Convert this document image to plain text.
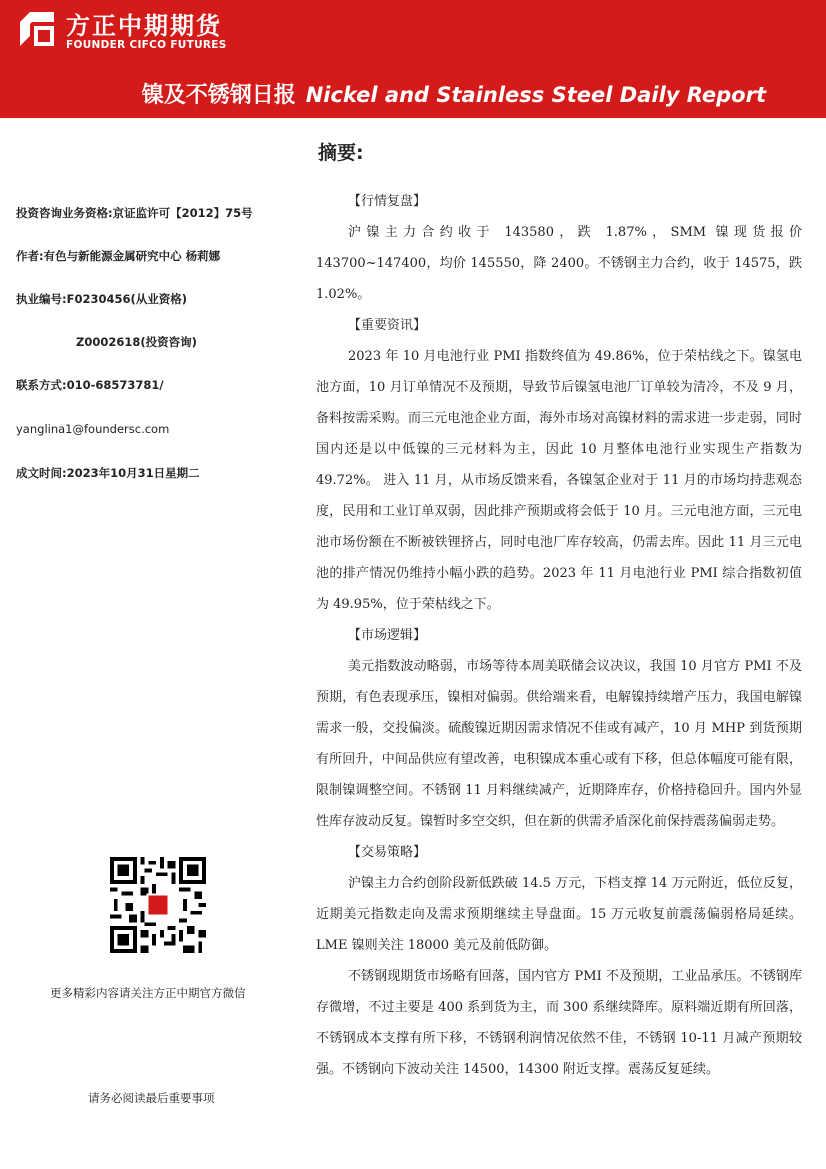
方正中期期货
FOUNDER CIFCO FUTURES
镍及不锈钢日报 Nickel and Stainless Steel Daily Report
摘要:
投资咨询业务资格:京证监许可【2012】75号
作者:有色与新能源金属研究中心 杨莉娜
执业编号:F0230456(从业资格)
Z0002618(投资咨询)
联系方式:010-68573781/
yanglina1@foundersc.com
成文时间:2023年10月31日星期二
更多精彩内容请关注方正中期官方微信
请务必阅读最后重要事项
【行情复盘】

沪镍主力合约收于 143580，跌 1.87%，SMM 镍现货报价 143700~147400，均价 145550，降 2400。不锈钢主力合约，收于 14575，跌 1.02%。

【重要资讯】

2023 年 10 月电池行业 PMI 指数终值为 49.86%，位于荣枯线之下。镍氢电池方面，10 月订单情况不及预期，导致节后镍氢电池厂订单较为清冷，不及 9 月，备料按需采购。而三元电池企业方面，海外市场对高镍材料的需求进一步走弱，同时国内还是以中低镍的三元材料为主，因此 10 月整体电池行业实现生产指数为 49.72%。 进入 11 月，从市场反馈来看，各镍氢企业对于 11 月的市场均持悲观态度，民用和工业订单双弱，因此排产预期或将会低于 10 月。三元电池方面，三元电池市场份额在不断被铁锂挤占，同时电池厂库存较高，仍需去库。因此 11 月三元电池的排产情况仍维持小幅小跌的趋势。2023 年 11 月电池行业 PMI 综合指数初值为 49.95%，位于荣枯线之下。

【市场逻辑】

美元指数波动略弱，市场等待本周美联储会议决议，我国 10 月官方 PMI 不及预期，有色表现承压，镍相对偏弱。供给端来看，电解镍持续增产压力，我国电解镍需求一般，交投偏淡。硫酸镍近期因需求情况不佳或有减产，10 月 MHP 到货预期有所回升，中间品供应有望改善，电积镍成本重心或有下移，但总体幅度可能有限，限制镍调整空间。不锈钢 11 月料继续减产，近期降库存，价格持稳回升。国内外显性库存波动反复。镍暂时多空交织，但在新的供需矛盾深化前保持震荡偏弱走势。

【交易策略】

沪镍主力合约创阶段新低跌破 14.5 万元，下档支撑 14 万元附近，低位反复，近期美元指数走向及需求预期继续主导盘面。15 万元收复前震荡偏弱格局延续。LME 镍则关注 18000 美元及前低防御。

不锈钢现期货市场略有回落，国内官方 PMI 不及预期，工业品承压。不锈钢库存微增，不过主要是 400 系到货为主，而 300 系继续降库。原料端近期有所回落，不锈钢成本支撑有所下移，不锈钢利润情况依然不佳，不锈钢 10-11 月减产预期较强。不锈钢向下波动关注 14500，14300 附近支撑。震荡反复延续。
